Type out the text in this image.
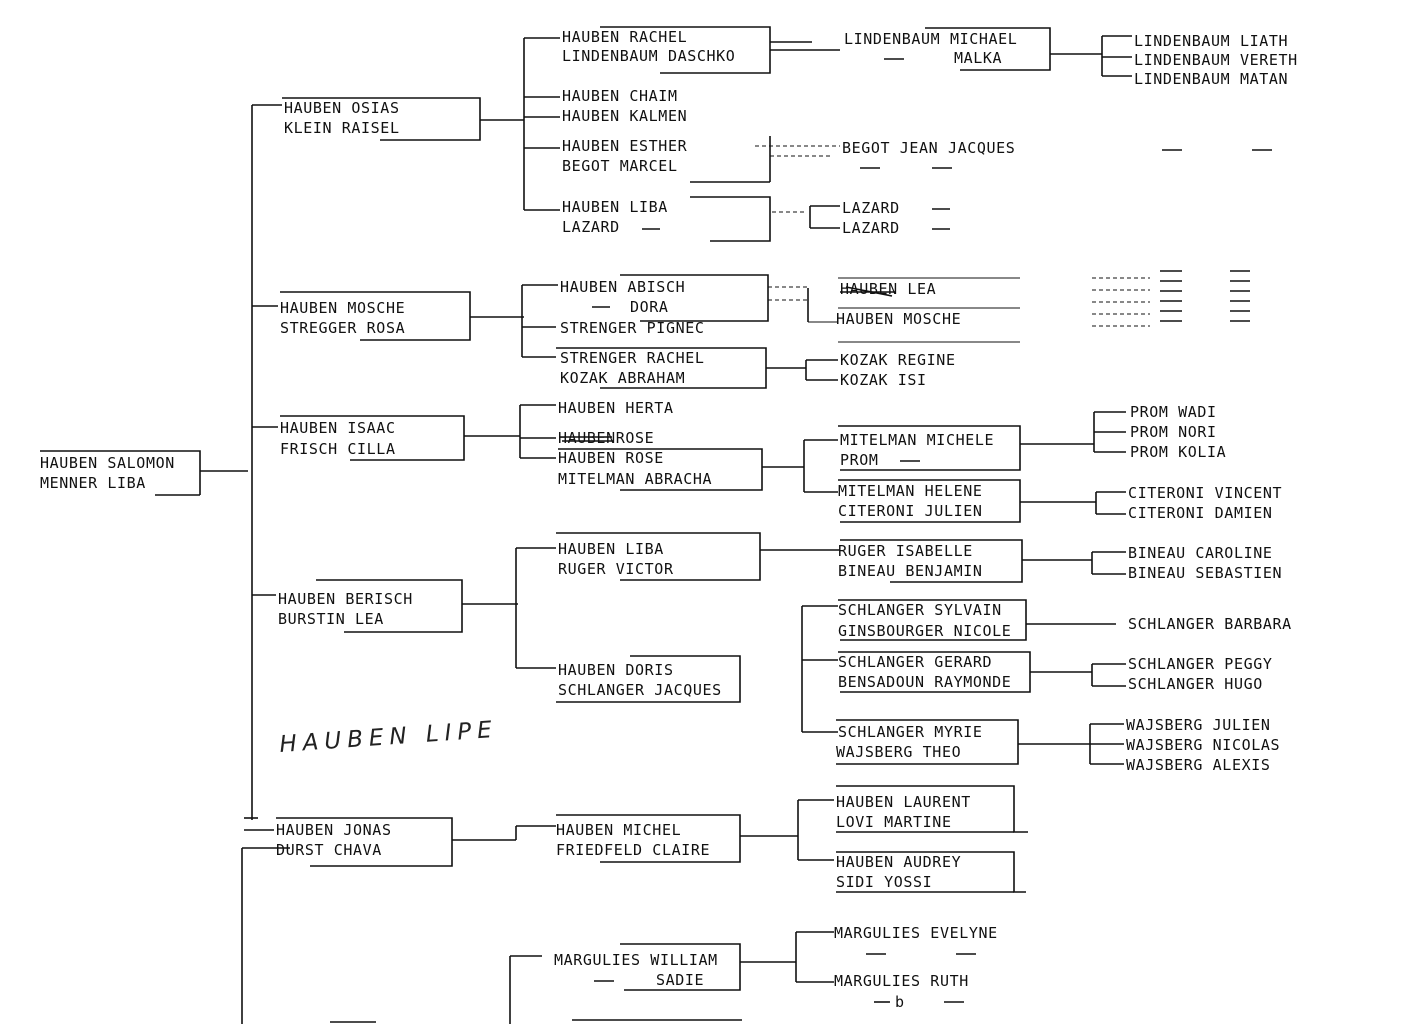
HAUBEN SALOMON
MENNER LIBA
HAUBEN OSIAS
KLEIN RAISEL
HAUBEN MOSCHE
STREGGER ROSA
HAUBEN ISAAC
FRISCH CILLA
HAUBEN BERISCH
BURSTIN LEA
HAUBEN LIPE
HAUBEN JONAS
DURST CHAVA
HAUBEN RACHEL
LINDENBAUM DASCHKO
HAUBEN CHAIM
HAUBEN KALMEN
HAUBEN ESTHER
BEGOT MARCEL
HAUBEN LIBA
LAZARD
HAUBEN ABISCH
DORA
STRENGER PIGNEC
STRENGER RACHEL
KOZAK ABRAHAM
HAUBEN HERTA
HAUBENROSE
HAUBEN ROSE
MITELMAN ABRACHA
HAUBEN LIBA
RUGER VICTOR
HAUBEN DORIS
SCHLANGER JACQUES
HAUBEN MICHEL
FRIEDFELD CLAIRE
MARGULIES WILLIAM
SADIE
LINDENBAUM MICHAEL
MALKA
BEGOT JEAN JACQUES
LAZARD
LAZARD
HAUBEN LEA
HAUBEN MOSCHE
KOZAK REGINE
KOZAK ISI
MITELMAN MICHELE
PROM
MITELMAN HELENE
CITERONI JULIEN
RUGER ISABELLE
BINEAU BENJAMIN
SCHLANGER SYLVAIN
GINSBOURGER NICOLE
SCHLANGER GERARD
BENSADOUN RAYMONDE
SCHLANGER MYRIE
WAJSBERG THEO
HAUBEN LAURENT
LOVI MARTINE
HAUBEN AUDREY
SIDI YOSSI
MARGULIES EVELYNE
MARGULIES RUTH
b
LINDENBAUM LIATH
LINDENBAUM VERETH
LINDENBAUM MATAN
PROM WADI
PROM NORI
PROM KOLIA
CITERONI VINCENT
CITERONI DAMIEN
BINEAU CAROLINE
BINEAU SEBASTIEN
SCHLANGER BARBARA
SCHLANGER PEGGY
SCHLANGER HUGO
WAJSBERG JULIEN
WAJSBERG NICOLAS
WAJSBERG ALEXIS
